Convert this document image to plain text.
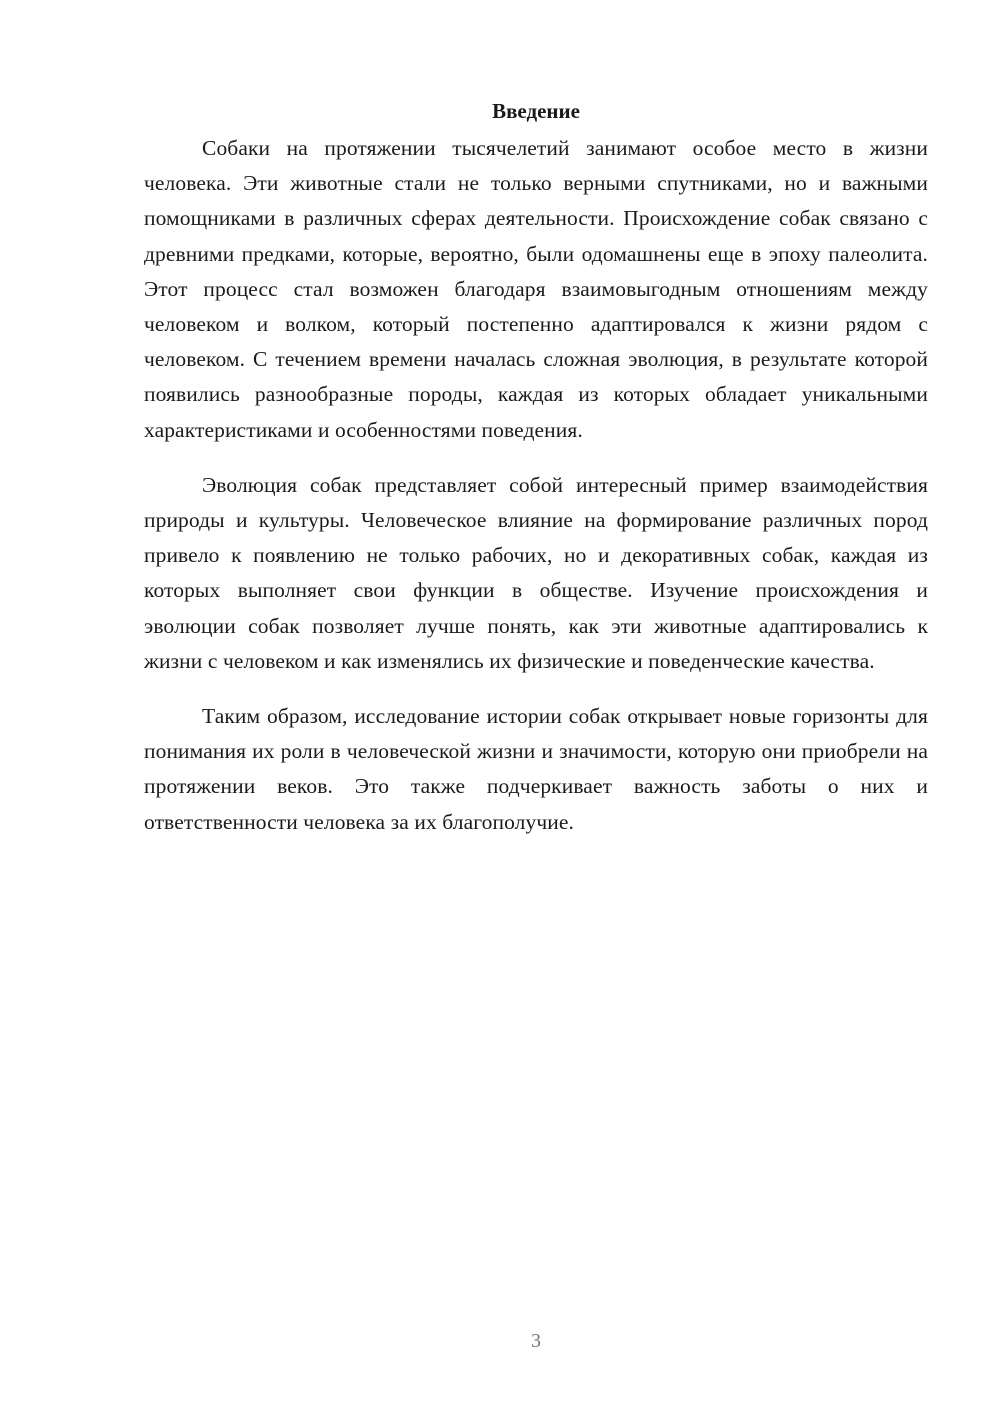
Введение

Собаки на протяжении тысячелетий занимают особое место в жизни человека. Эти животные стали не только верными спутниками, но и важными помощниками в различных сферах деятельности. Происхождение собак связано с древними предками, которые, вероятно, были одомашнены еще в эпоху палеолита. Этот процесс стал возможен благодаря взаимовыгодным отношениям между человеком и волком, который постепенно адаптировался к жизни рядом с человеком. С течением времени началась сложная эволюция, в результате которой появились разнообразные породы, каждая из которых обладает уникальными характеристиками и особенностями поведения.

Эволюция собак представляет собой интересный пример взаимодействия природы и культуры. Человеческое влияние на формирование различных пород привело к появлению не только рабочих, но и декоративных собак, каждая из которых выполняет свои функции в обществе. Изучение происхождения и эволюции собак позволяет лучше понять, как эти животные адаптировались к жизни с человеком и как изменялись их физические и поведенческие качества.

Таким образом, исследование истории собак открывает новые горизонты для понимания их роли в человеческой жизни и значимости, которую они приобрели на протяжении веков. Это также подчеркивает важность заботы о них и ответственности человека за их благополучие.

3
